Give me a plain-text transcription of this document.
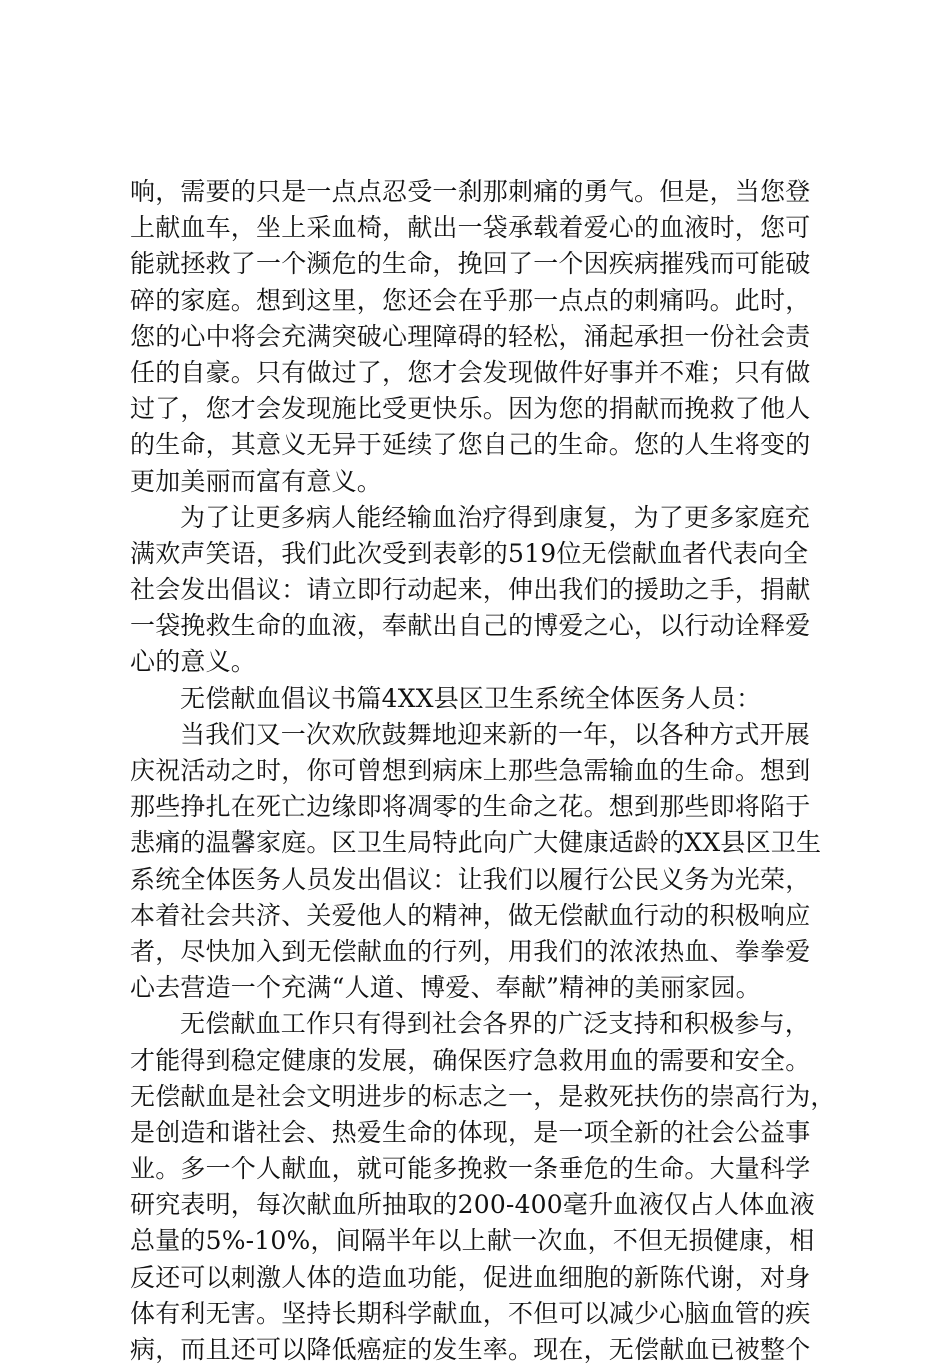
响，需要的只是一点点忍受一刹那刺痛的勇气。但是，当您登
上献血车，坐上采血椅，献出一袋承载着爱心的血液时，您可
能就拯救了一个濒危的生命，挽回了一个因疾病摧残而可能破
碎的家庭。想到这里，您还会在乎那一点点的刺痛吗。此时，
您的心中将会充满突破心理障碍的轻松，涌起承担一份社会责
任的自豪。只有做过了，您才会发现做件好事并不难；只有做
过了，您才会发现施比受更快乐。因为您的捐献而挽救了他人
的生命，其意义无异于延续了您自己的生命。您的人生将变的
更加美丽而富有意义。
为了让更多病人能经输血治疗得到康复，为了更多家庭充
满欢声笑语，我们此次受到表彰的519位无偿献血者代表向全
社会发出倡议：请立即行动起来，伸出我们的援助之手，捐献
一袋挽救生命的血液，奉献出自己的博爱之心，以行动诠释爱
心的意义。
无偿献血倡议书篇4XX县区卫生系统全体医务人员：
当我们又一次欢欣鼓舞地迎来新的一年，以各种方式开展
庆祝活动之时，你可曾想到病床上那些急需输血的生命。想到
那些挣扎在死亡边缘即将凋零的生命之花。想到那些即将陷于
悲痛的温馨家庭。区卫生局特此向广大健康适龄的XX县区卫生
系统全体医务人员发出倡议：让我们以履行公民义务为光荣，
本着社会共济、关爱他人的精神，做无偿献血行动的积极响应
者，尽快加入到无偿献血的行列，用我们的浓浓热血、拳拳爱
心去营造一个充满“人道、博爱、奉献”精神的美丽家园。
无偿献血工作只有得到社会各界的广泛支持和积极参与，
才能得到稳定健康的发展，确保医疗急救用血的需要和安全。
无偿献血是社会文明进步的标志之一，是救死扶伤的崇高行为，
是创造和谐社会、热爱生命的体现，是一项全新的社会公益事
业。多一个人献血，就可能多挽救一条垂危的生命。大量科学
研究表明，每次献血所抽取的200-400毫升血液仅占人体血液
总量的5%-10%，间隔半年以上献一次血，不但无损健康，相
反还可以刺激人体的造血功能，促进血细胞的新陈代谢，对身
体有利无害。坚持长期科学献血，不但可以减少心脑血管的疾
病，而且还可以降低癌症的发生率。现在，无偿献血已被整个
